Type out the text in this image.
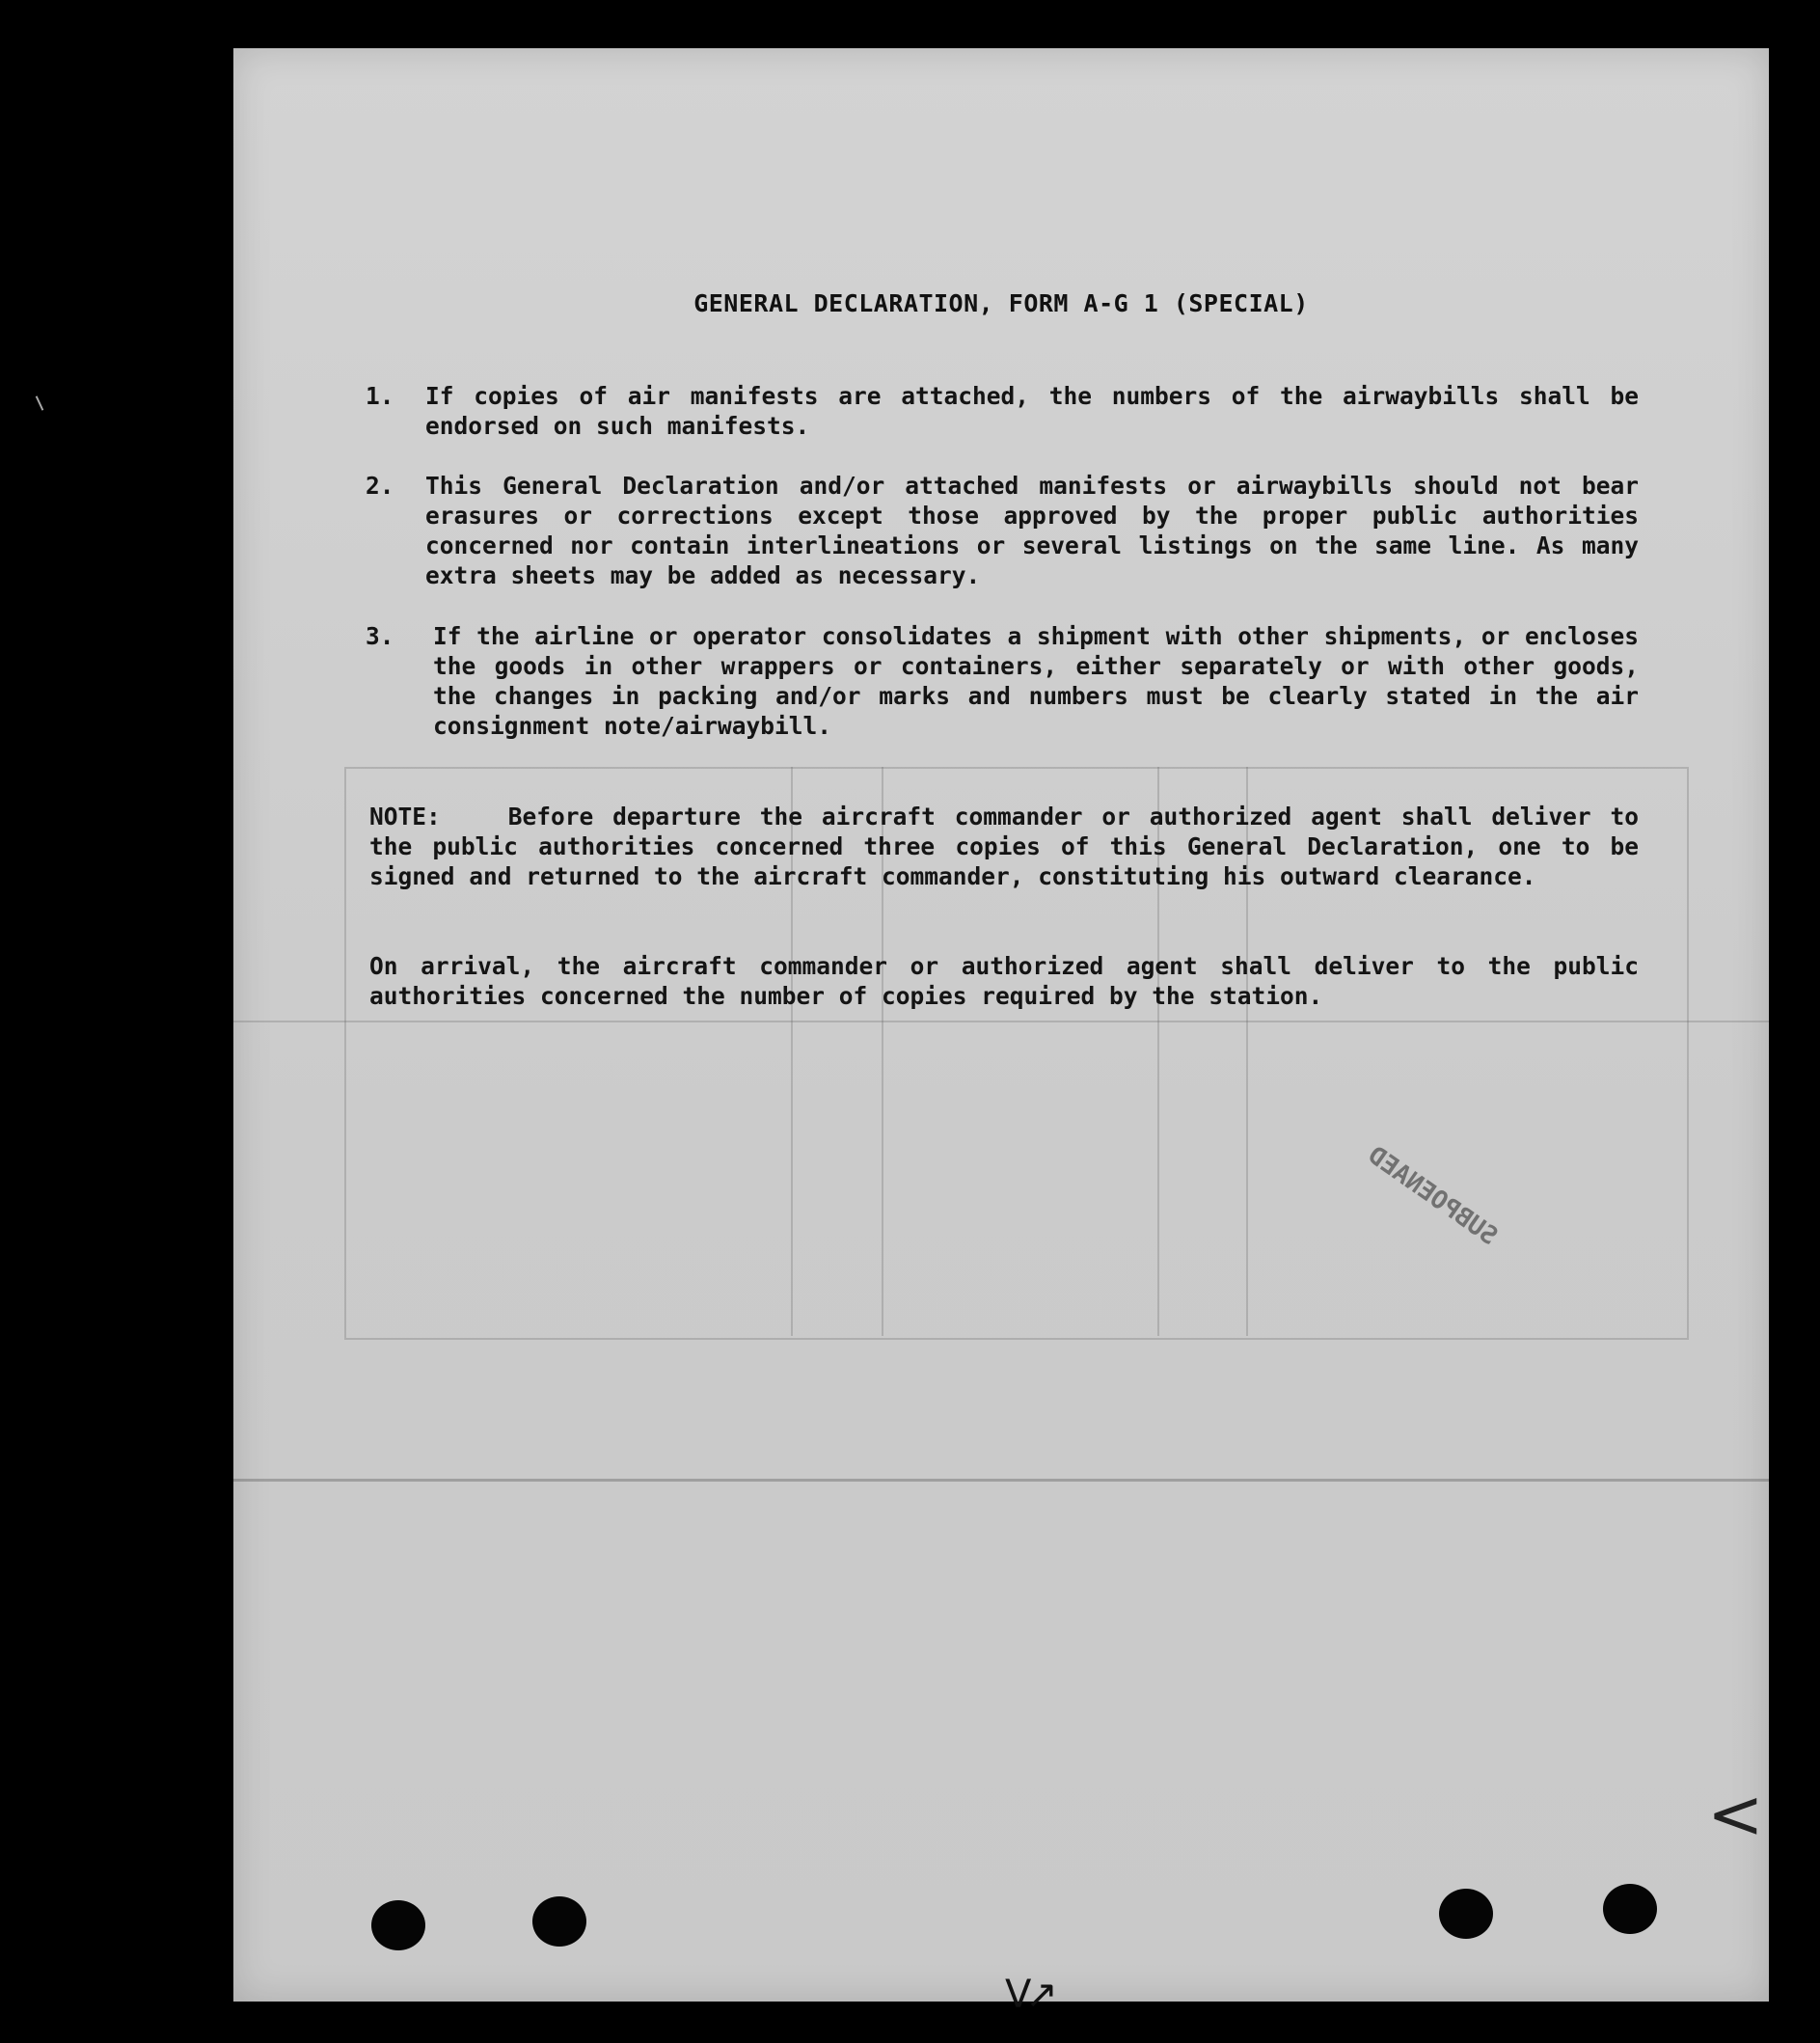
GENERAL DECLARATION, FORM A-G 1 (SPECIAL)
1. If copies of air manifests are attached, the numbers of the airwaybills shall be endorsed on such manifests.
2. This General Declaration and/or attached manifests or airwaybills should not bear erasures or corrections except those approved by the proper public authorities concerned nor contain interlineations or several listings on the same line. As many extra sheets may be added as necessary.
3. If the airline or operator consolidates a shipment with other shipments, or encloses the goods in other wrappers or containers, either separately or with other goods, the changes in packing and/or marks and numbers must be clearly stated in the air consignment note/airwaybill.
NOTE:	Before departure the aircraft commander or authorized agent shall deliver to the public authorities concerned three copies of this General Declaration, one to be signed and returned to the aircraft commander, constituting his outward clearance.
On arrival, the aircraft commander or authorized agent shall deliver to the public authorities concerned the number of copies required by the station.
SUBPOENAED
<
ᐯ↗
